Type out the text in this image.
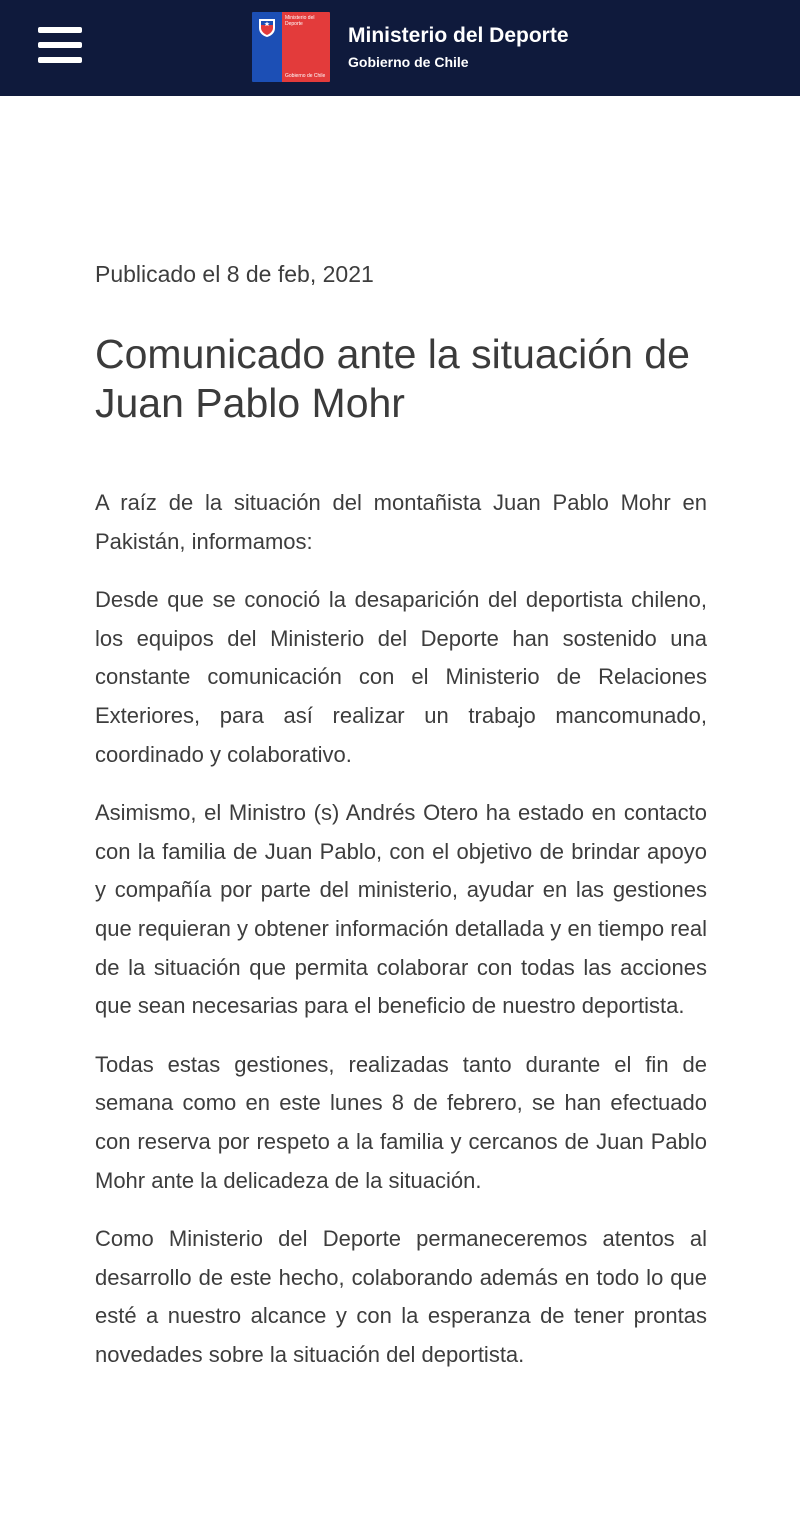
Ministerio del Deporte
Gobierno de Chile
Ministerio del Deporte
Gobierno de Chile
Publicado el 8 de feb, 2021
Comunicado ante la situación de Juan Pablo Mohr

A raíz de la situación del montañista Juan Pablo Mohr en Pakistán, informamos:

Desde que se conoció la desaparición del deportista chileno, los equipos del Ministerio del Deporte han sostenido una constante comunicación con el Ministerio de Relaciones Exteriores, para así realizar un trabajo mancomunado, coordinado y colaborativo.

Asimismo, el Ministro (s) Andrés Otero ha estado en contacto con la familia de Juan Pablo, con el objetivo de brindar apoyo y compañía por parte del ministerio, ayudar en las gestiones que requieran y obtener información detallada y en tiempo real de la situación que permita colaborar con todas las acciones que sean necesarias para el beneficio de nuestro deportista.

Todas estas gestiones, realizadas tanto durante el fin de semana como en este lunes 8 de febrero, se han efectuado con reserva por respeto a la familia y cercanos de Juan Pablo Mohr ante la delicadeza de la situación.

Como Ministerio del Deporte permaneceremos atentos al desarrollo de este hecho, colaborando además en todo lo que esté a nuestro alcance y con la esperanza de tener prontas novedades sobre la situación del deportista.
